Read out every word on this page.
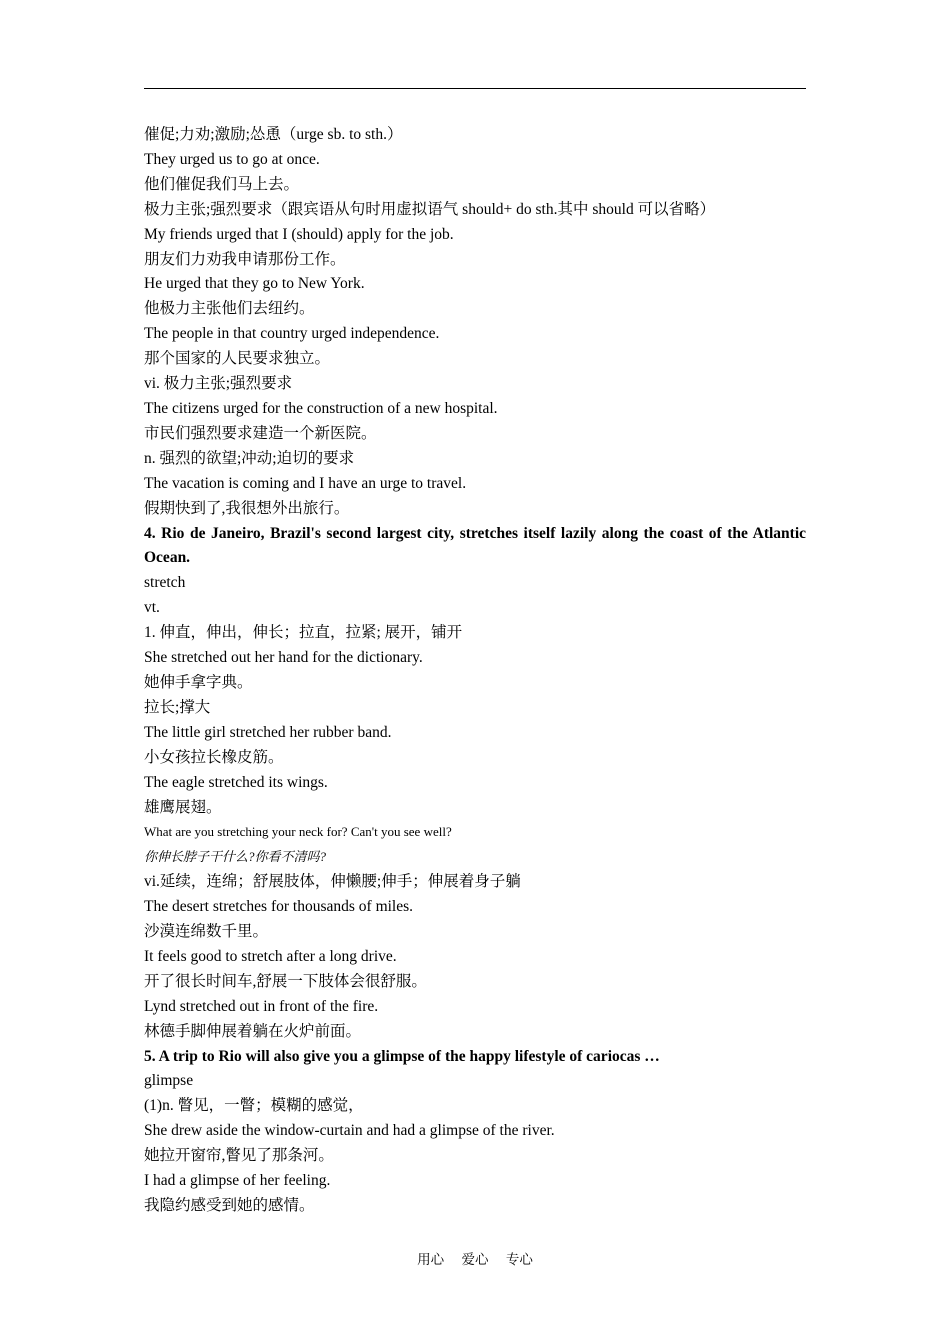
催促;力劝;激励;怂恿（urge sb. to sth.）
They urged us to go at once.
他们催促我们马上去。
极力主张;强烈要求（跟宾语从句时用虚拟语气 should+ do sth.其中 should 可以省略）
My friends urged that I (should) apply for the job.
朋友们力劝我申请那份工作。
He urged that they go to New York.
他极力主张他们去纽约。
The people in that country urged independence.
那个国家的人民要求独立。
vi. 极力主张;强烈要求
The citizens urged for the construction of a new hospital.
市民们强烈要求建造一个新医院。
n. 强烈的欲望;冲动;迫切的要求
The vacation is coming and I have an urge to travel.
假期快到了,我很想外出旅行。
4. Rio de Janeiro, Brazil's second largest city, stretches itself lazily along the coast of the Atlantic Ocean.
stretch
vt.
1. 伸直，伸出，伸长；拉直，拉紧; 展开，铺开
She stretched out her hand for the dictionary.
她伸手拿字典。
拉长;撑大
The little girl stretched her rubber band.
小女孩拉长橡皮筋。
The eagle stretched its wings.
雄鹰展翅。
What are you stretching your neck for? Can't you see well?
你伸长脖子干什么?你看不清吗?
vi.延续，连绵；舒展肢体，伸懒腰;伸手；伸展着身子躺
The desert stretches for thousands of miles.
沙漠连绵数千里。
It feels good to stretch after a long drive.
开了很长时间车,舒展一下肢体会很舒服。
Lynd stretched out in front of the fire.
林德手脚伸展着躺在火炉前面。
5. A trip to Rio will also give you a glimpse of the happy lifestyle of cariocas …
glimpse
(1)n. 瞥见，一瞥；模糊的感觉，
She drew aside the window-curtain and had a glimpse of the river.
她拉开窗帘,瞥见了那条河。
I had a glimpse of her feeling.
我隐约感受到她的感情。
用心 爱心 专心
